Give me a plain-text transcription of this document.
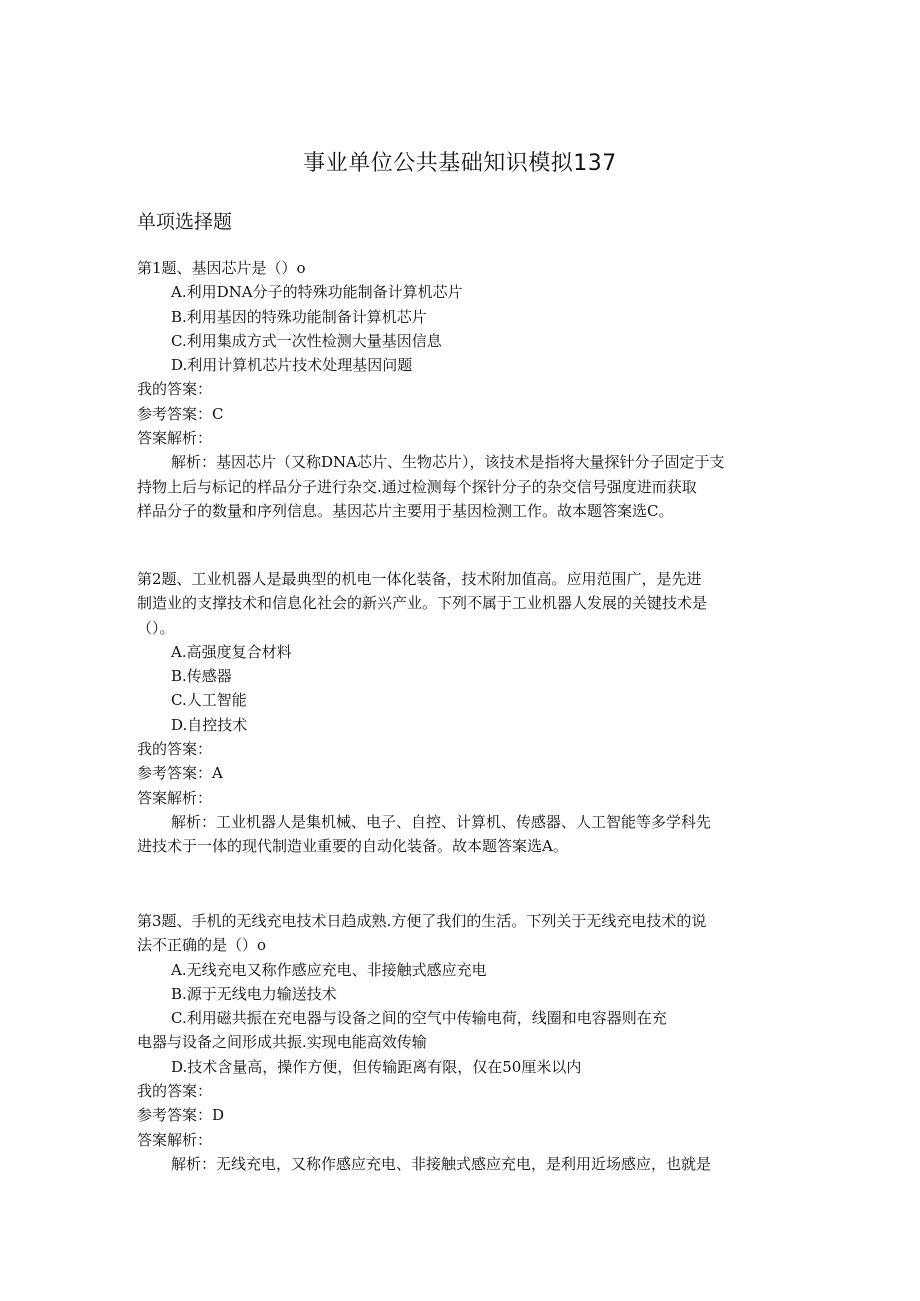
事业单位公共基础知识模拟137
单项选择题
第1题、基因芯片是（）o
A.利用DNA分子的特殊功能制备计算机芯片
B.利用基因的特殊功能制备计算机芯片
C.利用集成方式一次性检测大量基因信息
D.利用计算机芯片技术处理基因问题
我的答案：
参考答案：C
答案解析：
解析：基因芯片（又称DNA芯片、生物芯片），该技术是指将大量探针分子固定于支
持物上后与标记的样品分子进行杂交.通过检测每个探针分子的杂交信号强度进而获取
样品分子的数量和序列信息。基因芯片主要用于基因检测工作。故本题答案选C。
第2题、工业机器人是最典型的机电一体化装备，技术附加值高。应用范围广，是先进
制造业的支撑技术和信息化社会的新兴产业。下列不属于工业机器人发展的关键技术是
（）。
A.高强度复合材料
B.传感器
C.人工智能
D.自控技术
我的答案：
参考答案：A
答案解析：
解析：工业机器人是集机械、电子、自控、计算机、传感器、人工智能等多学科先
进技术于一体的现代制造业重要的自动化装备。故本题答案选A。
第3题、手机的无线充电技术日趋成熟.方便了我们的生活。下列关于无线充电技术的说
法不正确的是（）o
A.无线充电又称作感应充电、非接触式感应充电
B.源于无线电力输送技术
C.利用磁共振在充电器与设备之间的空气中传输电荷，线圈和电容器则在充
电器与设备之间形成共振.实现电能高效传输
D.技术含量高，操作方便，但传输距离有限，仅在50厘米以内
我的答案：
参考答案：D
答案解析：
解析：无线充电，又称作感应充电、非接触式感应充电，是利用近场感应，也就是
